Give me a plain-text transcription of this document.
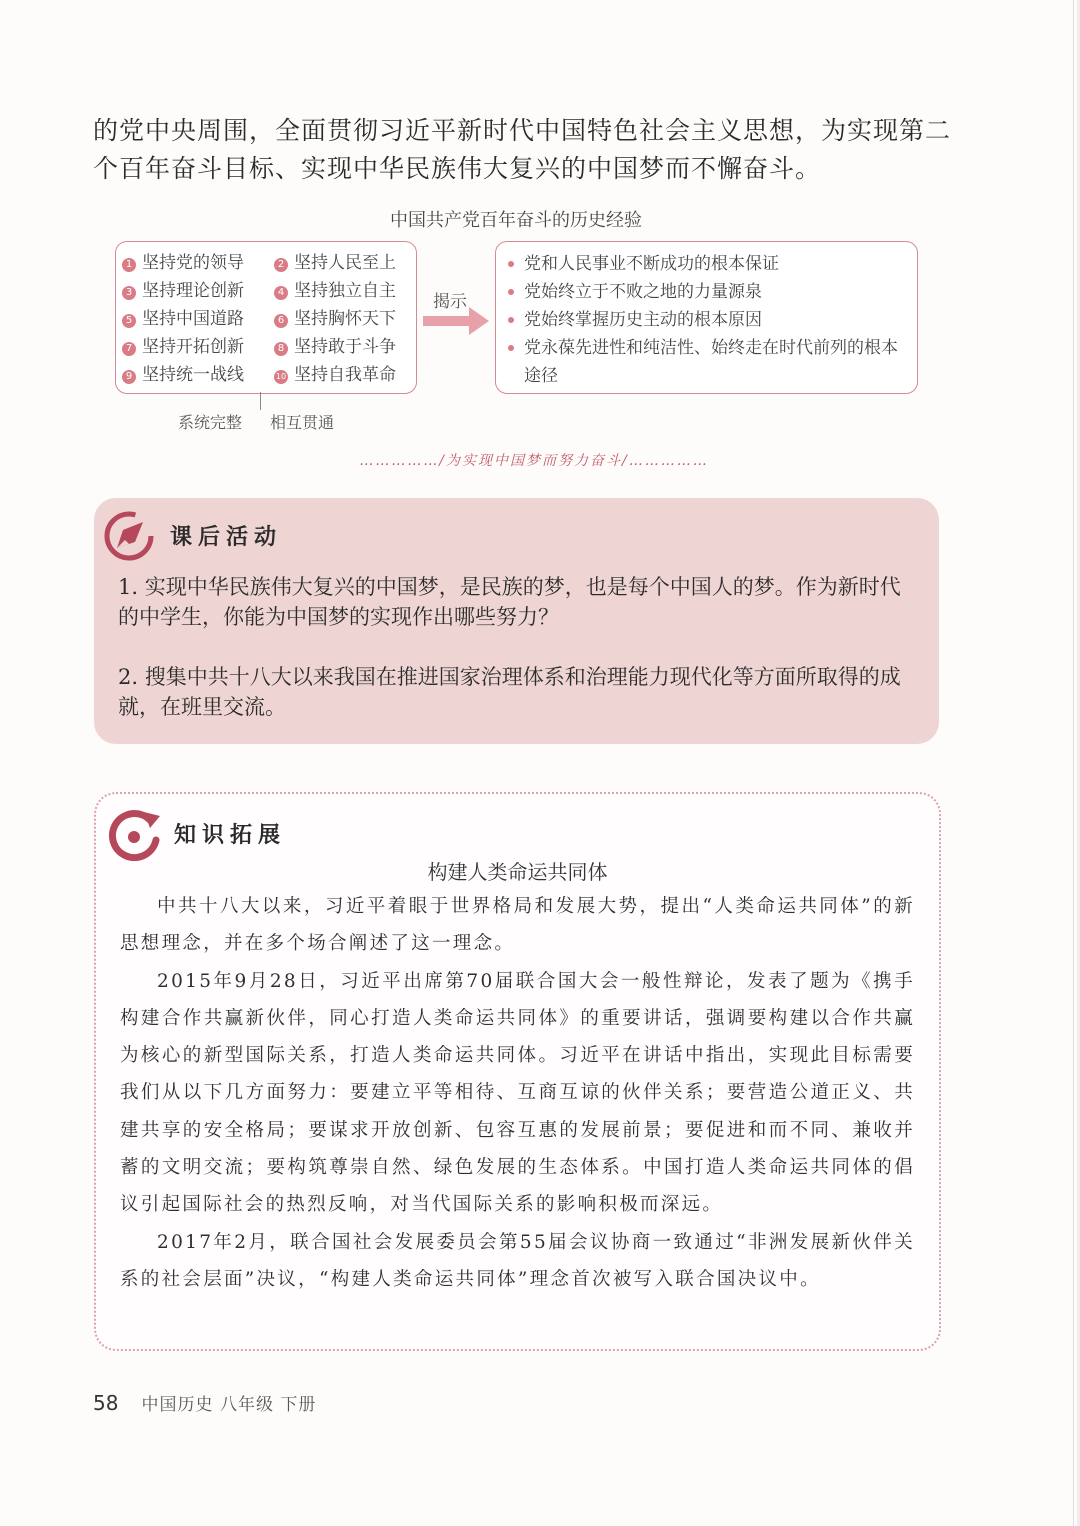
的党中央周围，全面贯彻习近平新时代中国特色社会主义思想，为实现第二个百年奋斗目标、实现中华民族伟大复兴的中国梦而不懈奋斗。
中国共产党百年奋斗的历史经验
1 坚持党的领导	2 坚持人民至上
3 坚持理论创新	4 坚持独立自主
5 坚持中国道路	6 坚持胸怀天下
7 坚持开拓创新	8 坚持敢于斗争
9 坚持统一战线	10 坚持自我革命
揭示
党和人民事业不断成功的根本保证
党始终立于不败之地的力量源泉
党始终掌握历史主动的根本原因
党永葆先进性和纯洁性、始终走在时代前列的根本途径
系统完整 相互贯通
……………/为实现中国梦而努力奋斗/……………
课后活动
1. 实现中华民族伟大复兴的中国梦，是民族的梦，也是每个中国人的梦。作为新时代的中学生，你能为中国梦的实现作出哪些努力？
2. 搜集中共十八大以来我国在推进国家治理体系和治理能力现代化等方面所取得的成就，在班里交流。
知识拓展
构建人类命运共同体

中共十八大以来，习近平着眼于世界格局和发展大势，提出“人类命运共同体”的新思想理念，并在多个场合阐述了这一理念。

2015年9月28日，习近平出席第70届联合国大会一般性辩论，发表了题为《携手构建合作共赢新伙伴，同心打造人类命运共同体》的重要讲话，强调要构建以合作共赢为核心的新型国际关系，打造人类命运共同体。习近平在讲话中指出，实现此目标需要我们从以下几方面努力：要建立平等相待、互商互谅的伙伴关系；要营造公道正义、共建共享的安全格局；要谋求开放创新、包容互惠的发展前景；要促进和而不同、兼收并蓄的文明交流；要构筑尊崇自然、绿色发展的生态体系。中国打造人类命运共同体的倡议引起国际社会的热烈反响，对当代国际关系的影响积极而深远。

2017年2月，联合国社会发展委员会第55届会议协商一致通过“非洲发展新伙伴关系的社会层面”决议，“构建人类命运共同体”理念首次被写入联合国决议中。

58 中国历史 八年级 下册
